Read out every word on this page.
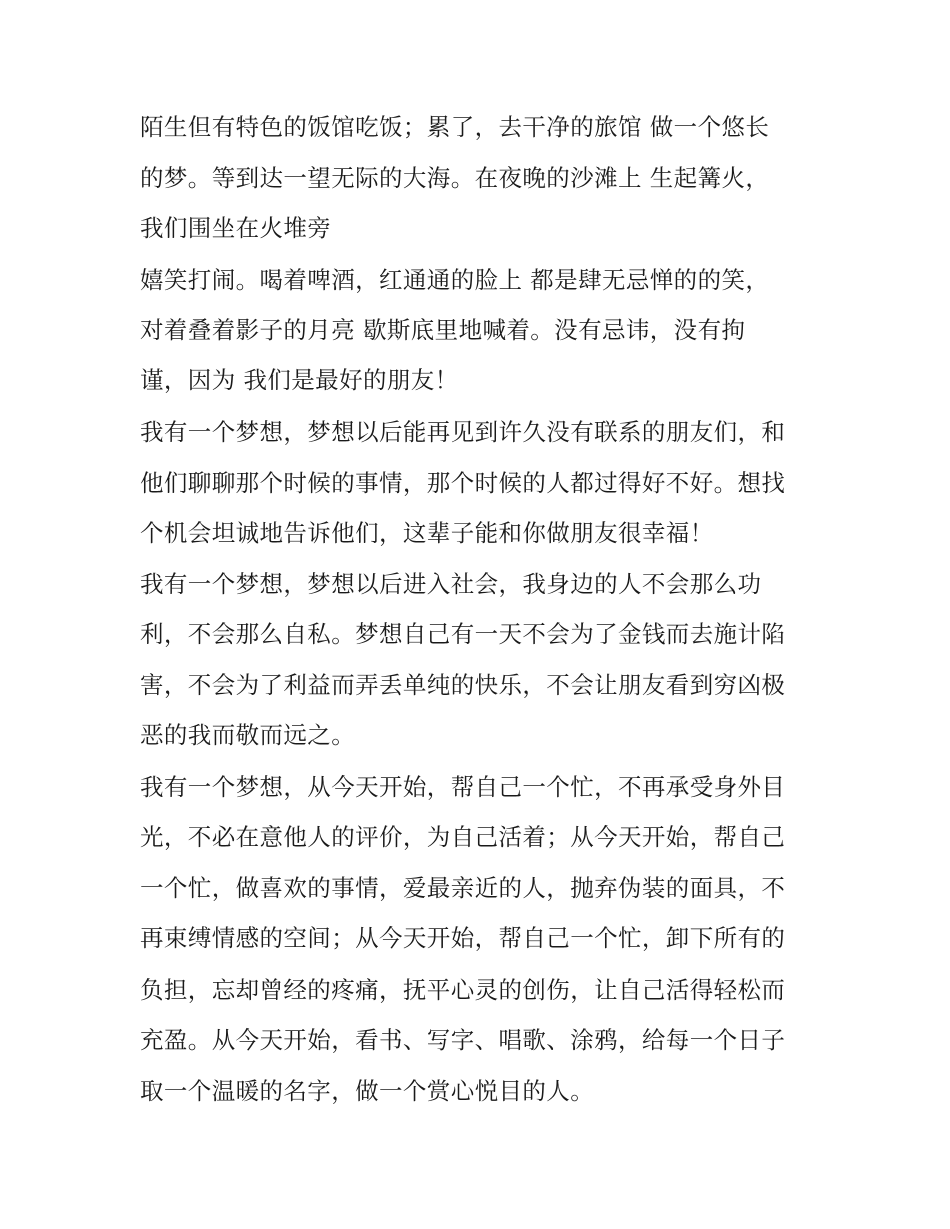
陌生但有特色的饭馆吃饭；累了，去干净的旅馆 做一个悠长
的梦。等到达一望无际的大海。在夜晚的沙滩上 生起篝火，
我们围坐在火堆旁
嬉笑打闹。喝着啤酒，红通通的脸上 都是肆无忌惮的的笑，
对着叠着影子的月亮 歇斯底里地喊着。没有忌讳，没有拘
谨，因为 我们是最好的朋友！
我有一个梦想，梦想以后能再见到许久没有联系的朋友们，和
他们聊聊那个时候的事情，那个时候的人都过得好不好。想找
个机会坦诚地告诉他们，这辈子能和你做朋友很幸福！
我有一个梦想，梦想以后进入社会，我身边的人不会那么功
利，不会那么自私。梦想自己有一天不会为了金钱而去施计陷
害，不会为了利益而弄丢单纯的快乐，不会让朋友看到穷凶极
恶的我而敬而远之。
我有一个梦想，从今天开始，帮自己一个忙，不再承受身外目
光，不必在意他人的评价，为自己活着；从今天开始，帮自己
一个忙，做喜欢的事情，爱最亲近的人，抛弃伪装的面具，不
再束缚情感的空间；从今天开始，帮自己一个忙，卸下所有的
负担，忘却曾经的疼痛，抚平心灵的创伤，让自己活得轻松而
充盈。从今天开始，看书、写字、唱歌、涂鸦，给每一个日子
取一个温暖的名字，做一个赏心悦目的人。
